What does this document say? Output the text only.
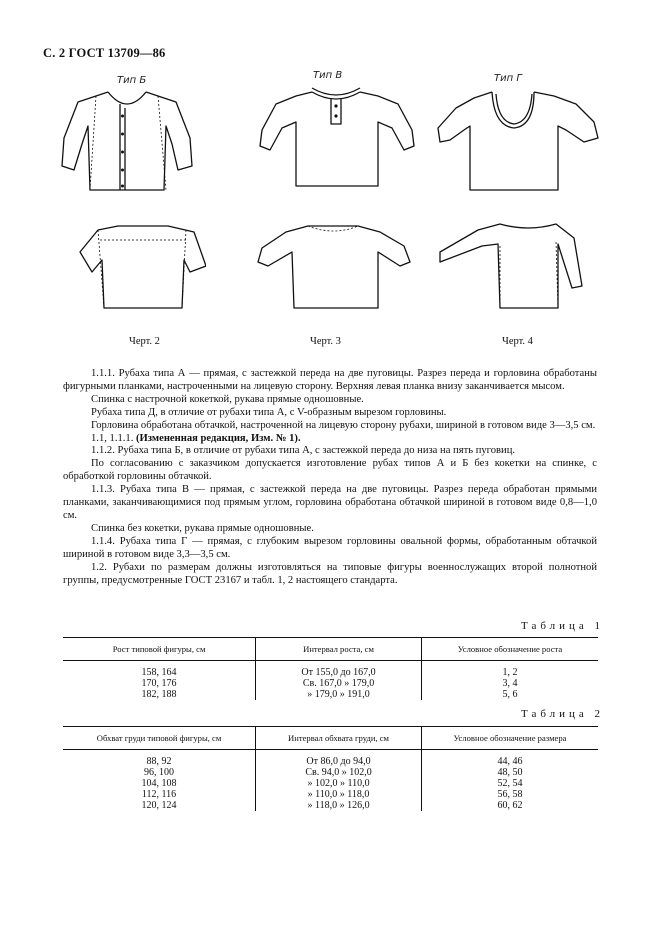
С. 2 ГОСТ 13709—86
Тип Б	Тип В	Тип Г
Черт. 2	Черт. 3	Черт. 4

1.1.1. Рубаха типа А — прямая, с застежкой переда на две пуговицы. Разрез переда и горловина обработаны фигурными планками, настроченными на лицевую сторону. Верхняя левая планка внизу заканчивается мысом.

Спинка с настрочной кокеткой, рукава прямые одношовные.

Рубаха типа Д, в отличие от рубахи типа А, с V-образным вырезом горловины.

Горловина обработана обтачкой, настроченной на лицевую сторону рубахи, шириной в готовом виде 3—3,5 см.

1.1, 1.1.1. (Измененная редакция, Изм. № 1).

1.1.2. Рубаха типа Б, в отличие от рубахи типа А, с застежкой переда до низа на пять пуговиц.

По согласованию с заказчиком допускается изготовление рубах типов А и Б без кокетки на спинке, с обработкой горловины обтачкой.

1.1.3. Рубаха типа В — прямая, с застежкой переда на две пуговицы. Разрез переда обработан прямыми планками, заканчивающимися под прямым углом, горловина обработана обтачкой шириной в готовом виде 0,8—1,0 см.

Спинка без кокетки, рукава прямые одношовные.

1.1.4. Рубаха типа Г — прямая, с глубоким вырезом горловины овальной формы, обработанным обтачкой шириной в готовом виде 3,3—3,5 см.

1.2. Рубахи по размерам должны изготовляться на типовые фигуры военнослужащих второй полнотной группы, предусмотренные ГОСТ 23167 и табл. 1, 2 настоящего стандарта.

Таблица 1
Рост типовой фигуры, см	Интервал роста, см	Условное обозначение роста
158, 164	От 155,0 до 167,0	1, 2
170, 176	Св. 167,0 » 179,0	3, 4
182, 188	» 179,0 » 191,0	5, 6
Таблица 2
Обхват груди типовой фигуры, см	Интервал обхвата груди, см	Условное обозначение размера
88, 92	От 86,0 до 94,0	44, 46
96, 100	Св. 94,0 » 102,0	48, 50
104, 108	» 102,0 » 110,0	52, 54
112, 116	» 110,0 » 118,0	56, 58
120, 124	» 118,0 » 126,0	60, 62
